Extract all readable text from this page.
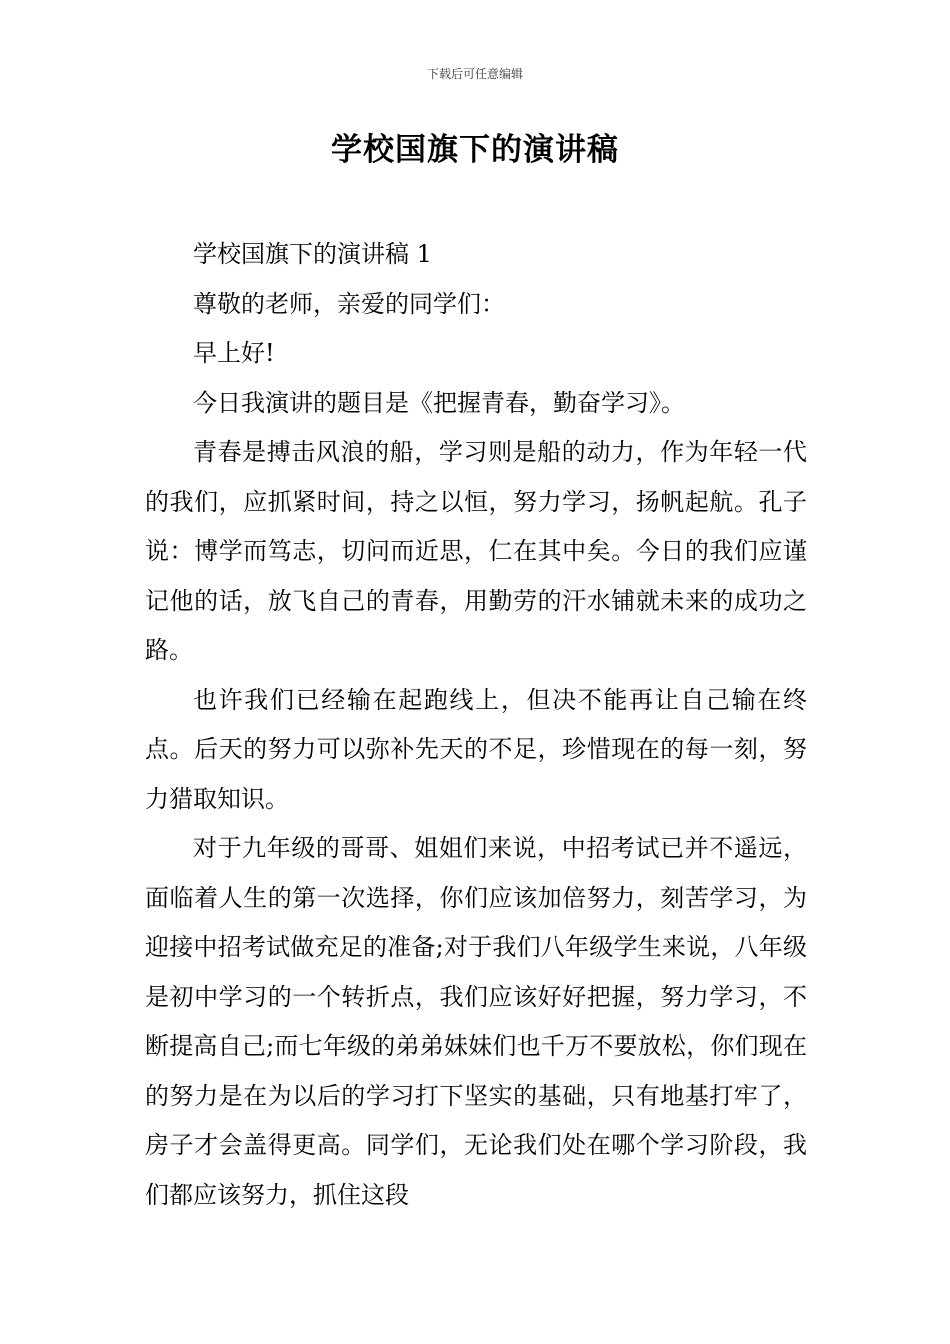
下载后可任意编辑
学校国旗下的演讲稿

学校国旗下的演讲稿 1

尊敬的老师，亲爱的同学们：

早上好!

今日我演讲的题目是《把握青春，勤奋学习》。

青春是搏击风浪的船，学习则是船的动力，作为年轻一代的我们，应抓紧时间，持之以恒，努力学习，扬帆起航。孔子说：博学而笃志，切问而近思，仁在其中矣。今日的我们应谨记他的话，放飞自己的青春，用勤劳的汗水铺就未来的成功之路。

也许我们已经输在起跑线上，但决不能再让自己输在终点。后天的努力可以弥补先天的不足，珍惜现在的每一刻，努力猎取知识。

对于九年级的哥哥、姐姐们来说，中招考试已并不遥远，面临着人生的第一次选择，你们应该加倍努力，刻苦学习，为迎接中招考试做充足的准备;对于我们八年级学生来说，八年级是初中学习的一个转折点，我们应该好好把握，努力学习，不断提高自己;而七年级的弟弟妹妹们也千万不要放松，你们现在的努力是在为以后的学习打下坚实的基础，只有地基打牢了，房子才会盖得更高。同学们，无论我们处在哪个学习阶段，我们都应该努力，抓住这段
